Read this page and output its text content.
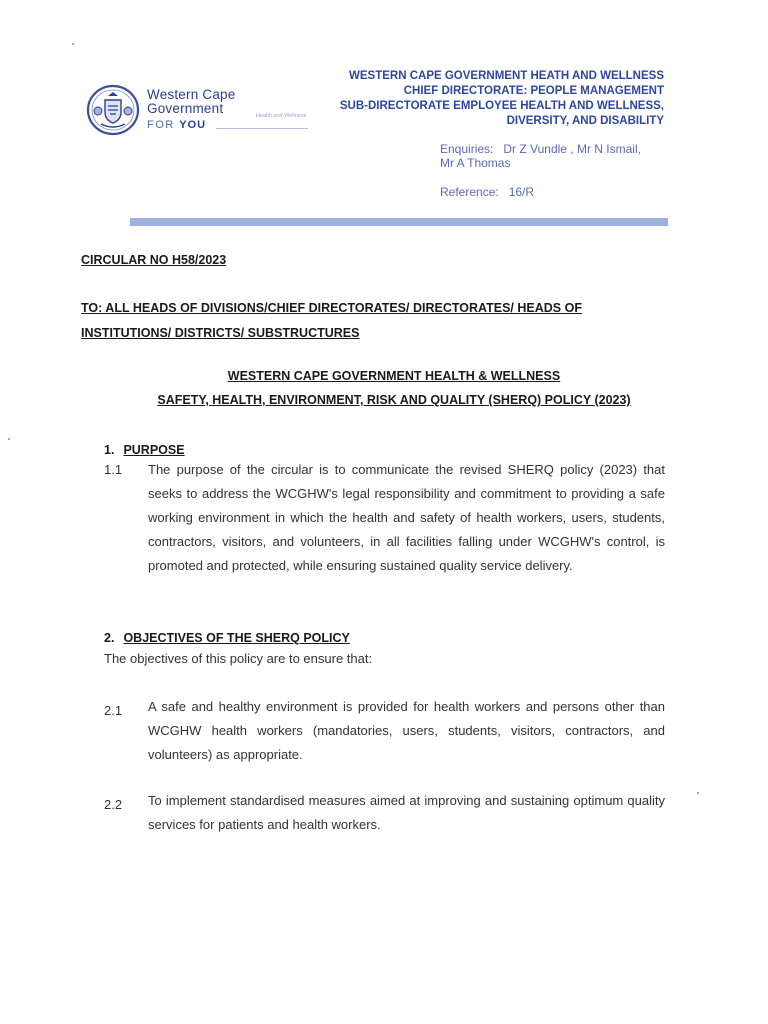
Western Cape
Government
FOR YOU
Health and Wellness
WESTERN CAPE GOVERNMENT HEATH AND WELLNESS
CHIEF DIRECTORATE: PEOPLE MANAGEMENT
SUB-DIRECTORATE EMPLOYEE HEALTH AND WELLNESS,
DIVERSITY, AND DISABILITY
Enquiries: Dr Z Vundle , Mr N Ismail,
Mr A Thomas
Reference: 16/R
CIRCULAR NO H58/2023
TO: ALL HEADS OF DIVISIONS/CHIEF DIRECTORATES/ DIRECTORATES/ HEADS OF INSTITUTIONS/ DISTRICTS/ SUBSTRUCTURES
WESTERN CAPE GOVERNMENT HEALTH & WELLNESS
SAFETY, HEALTH, ENVIRONMENT, RISK AND QUALITY (SHERQ) POLICY (2023)
1. PURPOSE
1.1 The purpose of the circular is to communicate the revised SHERQ policy (2023) that seeks to address the WCGHW's legal responsibility and commitment to providing a safe working environment in which the health and safety of health workers, users, students, contractors, visitors, and volunteers, in all facilities falling under WCGHW's control, is promoted and protected, while ensuring sustained quality service delivery.
2. OBJECTIVES OF THE SHERQ POLICY
The objectives of this policy are to ensure that:
2.1 A safe and healthy environment is provided for health workers and persons other than WCGHW health workers (mandatories, users, students, visitors, contractors, and volunteers) as appropriate.
2.2 To implement standardised measures aimed at improving and sustaining optimum quality services for patients and health workers.
